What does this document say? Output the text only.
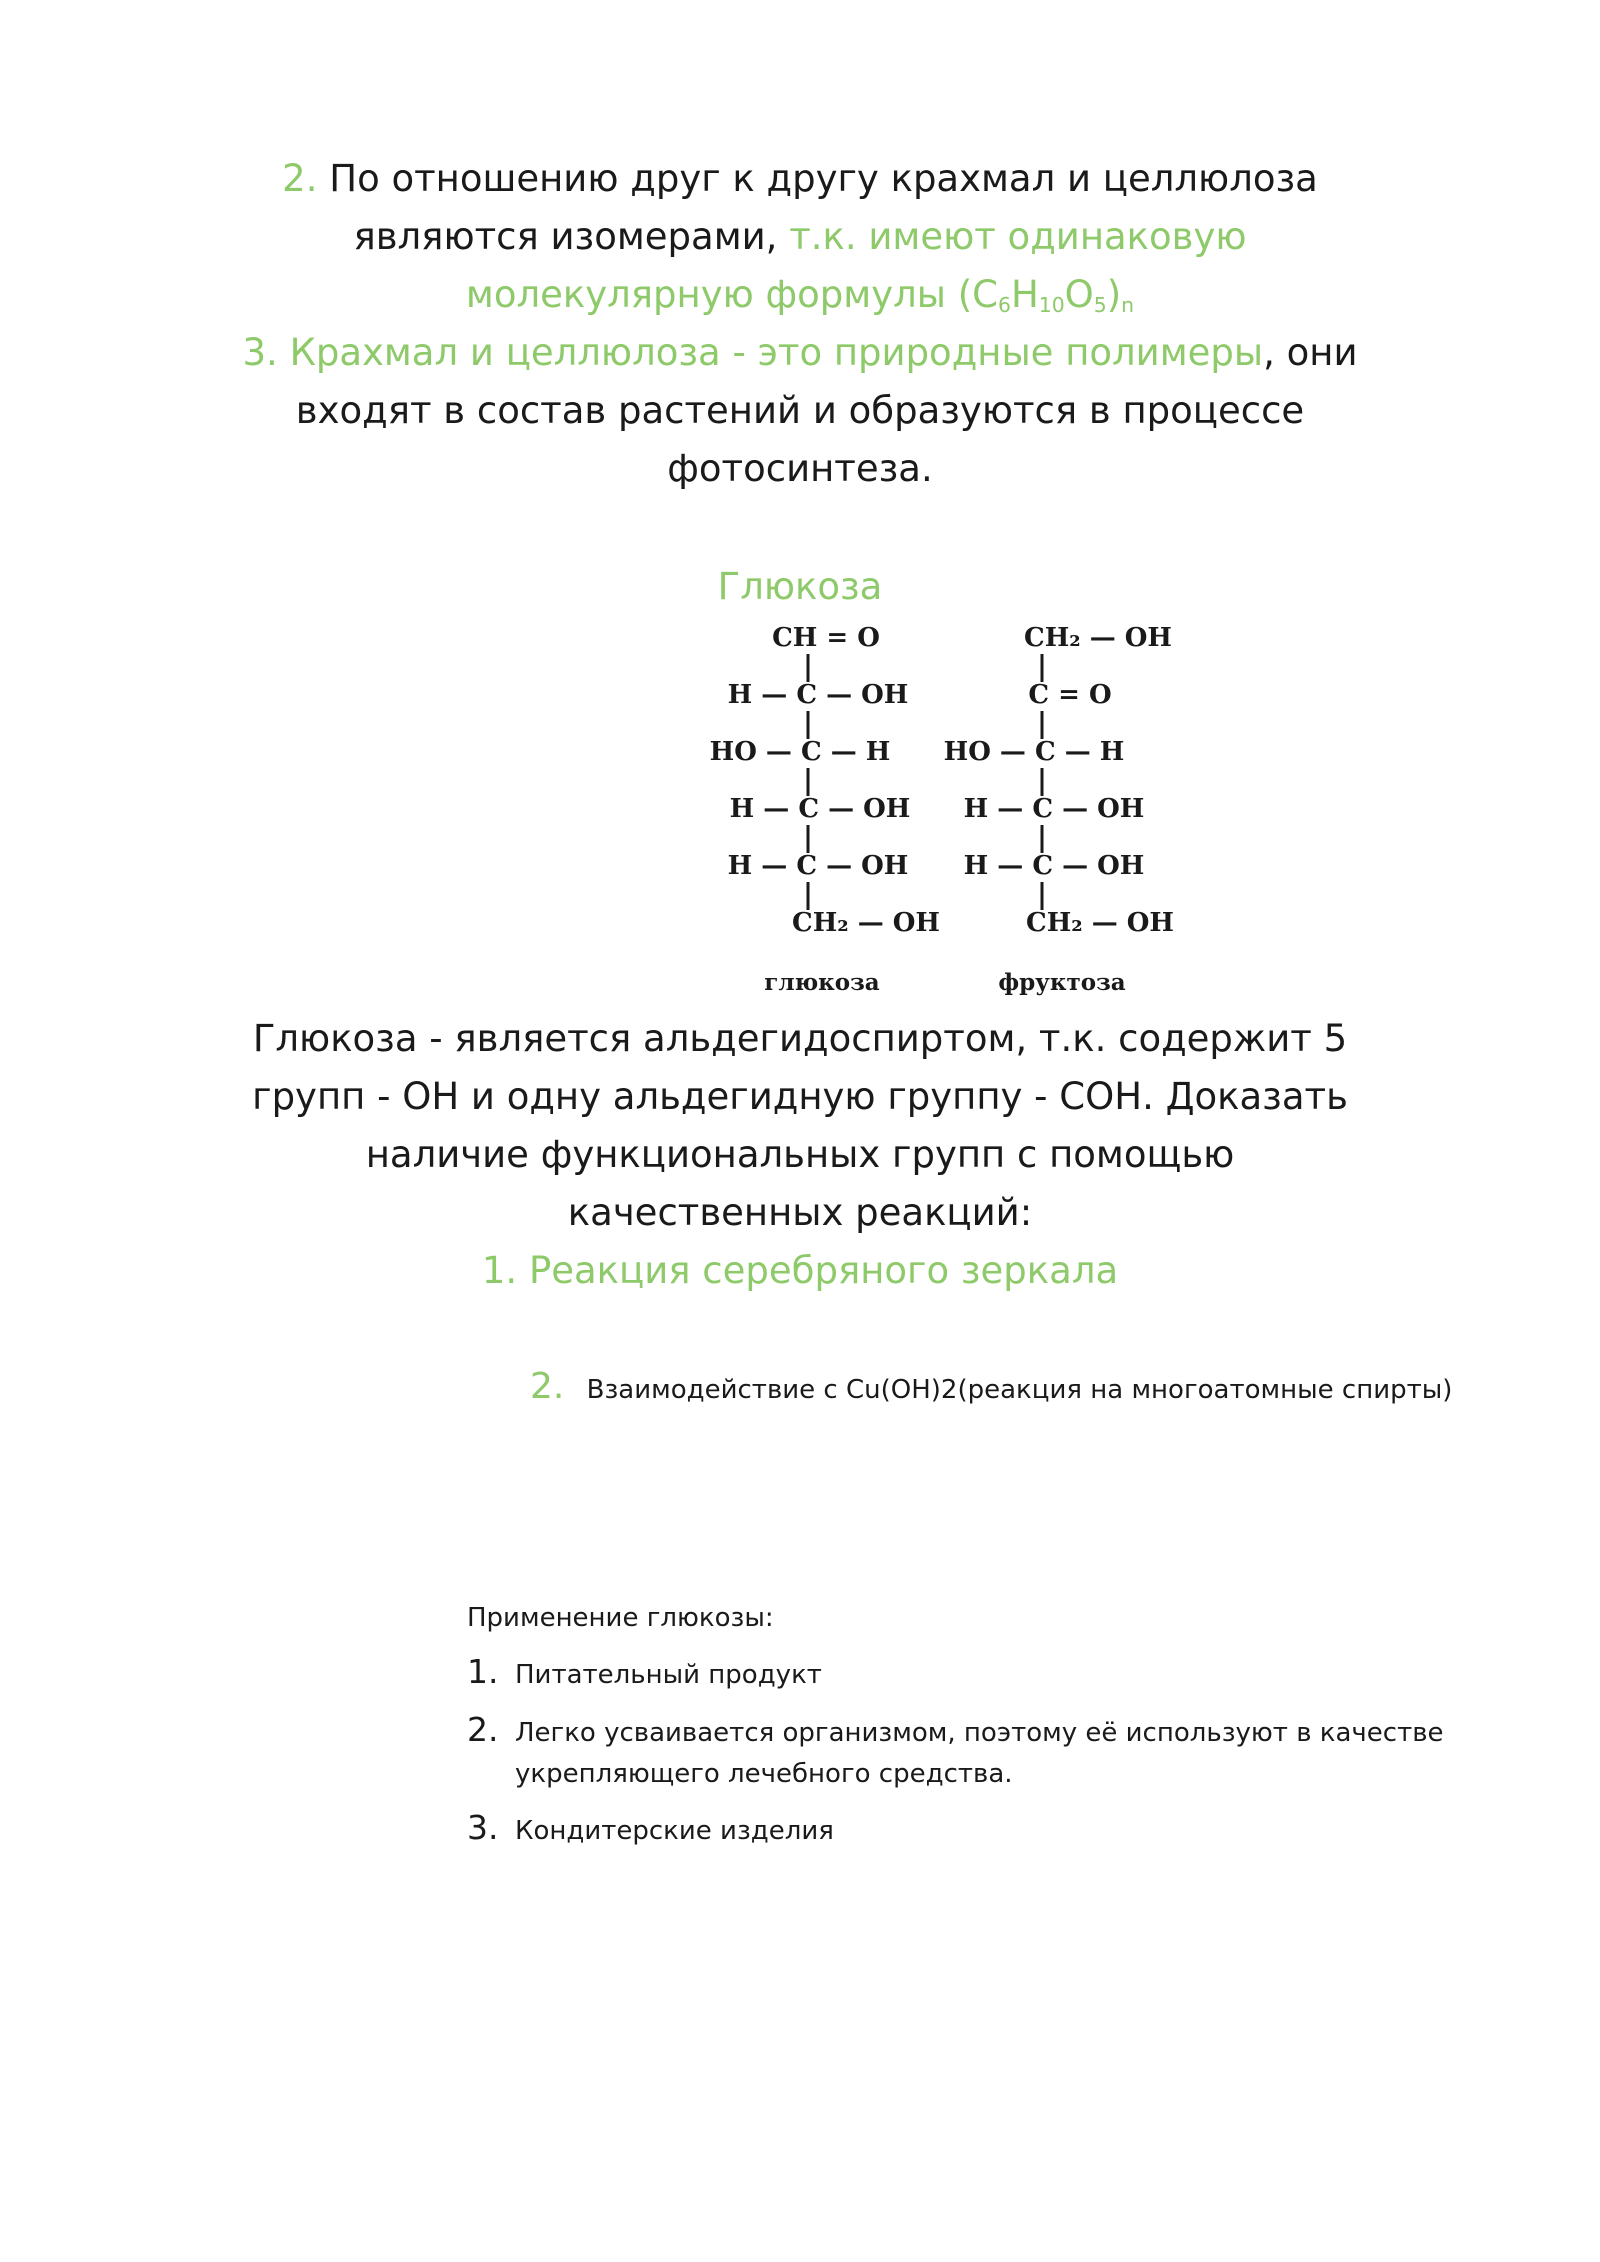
2. По отношению друг к другу крахмал и целлюлоза
являются изомерами, т.к. имеют одинаковую
молекулярную формулы $(С_6Н_{10}О_5)_n$
3. Крахмал и целлюлоза - это природные полимеры, они
входят в состав растений и образуются в процессе
фотосинтеза.
Глюкоза
CH = O
H — C — OH
HO — C — H
H — C — OH
H — C — OH
CH₂ — OH
глюкоза
CH₂ — OH
C = O
HO — C — H
H — C — OH
H — C — OH
CH₂ — OH
фруктоза
Глюкоза - является альдегидоспиртом, т.к. содержит 5
групп - ОН и одну альдегидную группу - СОН. Доказать
наличие функциональных групп с помощью
качественных реакций:
1. Реакция серебряного зеркала
2. Взаимодействие с Cu(OH)2(реакция на многоатомные спирты)
Применение глюкозы:
1. Питательный продукт
2. Легко усваивается организмом, поэтому её используют в качестве
укрепляющего лечебного средства.
3. Кондитерские изделия
